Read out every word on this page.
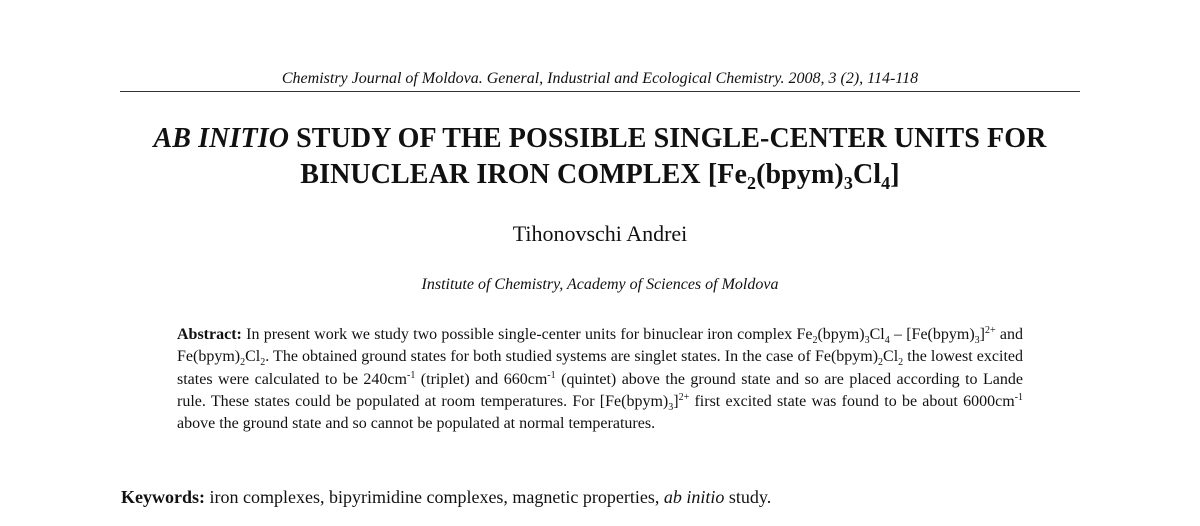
Chemistry Journal of Moldova. General, Industrial and Ecological Chemistry. 2008, 3 (2), 114-118
AB INITIO STUDY OF THE POSSIBLE SINGLE-CENTER UNITS FOR
BINUCLEAR IRON COMPLEX $[Fe_2(bpym)_3Cl_4]$
Tihonovschi Andrei
Institute of Chemistry, Academy of Sciences of Moldova
Abstract: In present work we study two possible single-center units for binuclear iron complex $Fe_2(bpym)_3Cl_4$ – $[Fe(bpym)_3]^{2+}$ and $Fe(bpym)_2Cl_2$. The obtained ground states for both studied systems are singlet states. In the case of $Fe(bpym)_2Cl_2$ the lowest excited states were calculated to be $240cm^{-1}$ (triplet) and $660cm^{-1}$ (quintet) above the ground state and so are placed according to Lande rule. These states could be populated at room temperatures. For $[Fe(bpym)_3]^{2+}$ first excited state was found to be about $6000cm^{-1}$ above the ground state and so cannot be populated at normal temperatures.
Keywords: iron complexes, bipyrimidine complexes, magnetic properties, ab initio study.
